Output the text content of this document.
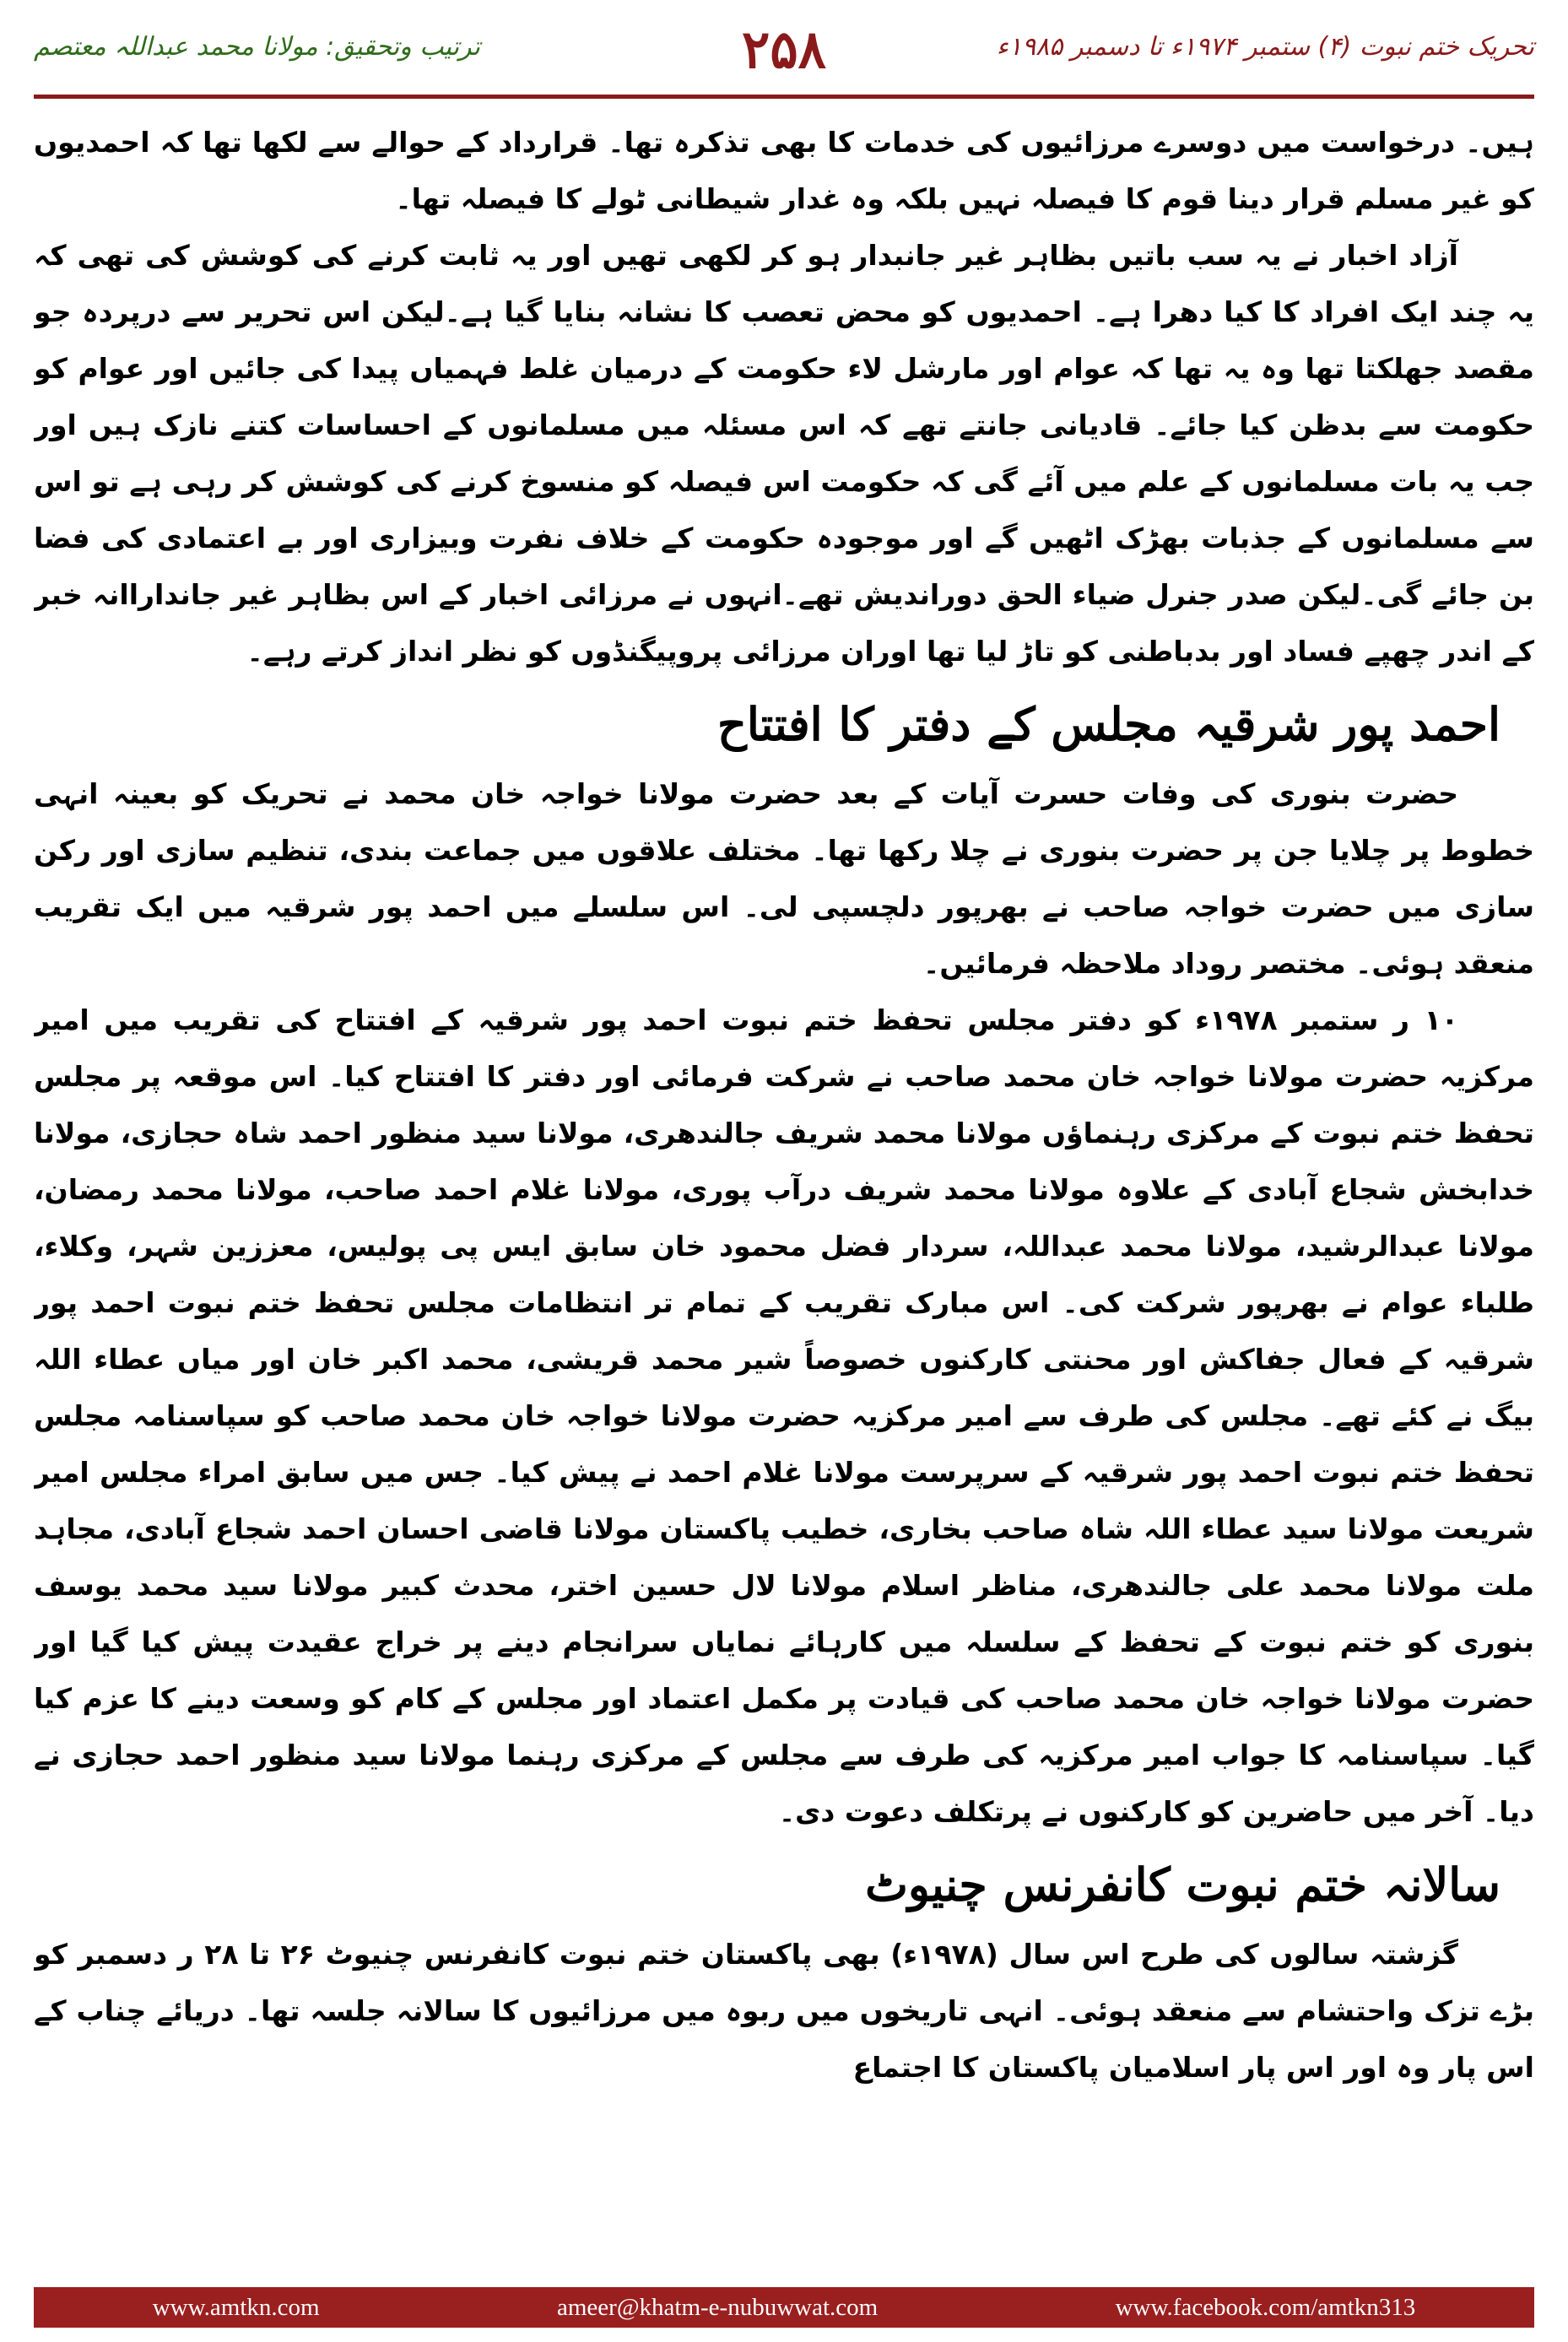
تحریک ختم نبوت (۴) ستمبر ۱۹۷۴ء تا دسمبر ۱۹۸۵ء
۲۵۸
ترتیب وتحقیق: مولانا محمد عبداللہ معتصم

ہیں۔ درخواست میں دوسرے مرزائیوں کی خدمات کا بھی تذکرہ تھا۔ قرارداد کے حوالے سے لکھا تھا کہ احمدیوں کو غیر مسلم قرار دینا قوم کا فیصلہ نہیں بلکہ وہ غدار شیطانی ٹولے کا فیصلہ تھا۔

آزاد اخبار نے یہ سب باتیں بظاہر غیر جانبدار ہو کر لکھی تھیں اور یہ ثابت کرنے کی کوشش کی تھی کہ یہ چند ایک افراد کا کیا دھرا ہے۔ احمدیوں کو محض تعصب کا نشانہ بنایا گیا ہے۔لیکن اس تحریر سے درپردہ جو مقصد جھلکتا تھا وہ یہ تھا کہ عوام اور مارشل لاء حکومت کے درمیان غلط فہمیاں پیدا کی جائیں اور عوام کو حکومت سے بدظن کیا جائے۔ قادیانی جانتے تھے کہ اس مسئلہ میں مسلمانوں کے احساسات کتنے نازک ہیں اور جب یہ بات مسلمانوں کے علم میں آئے گی کہ حکومت اس فیصلہ کو منسوخ کرنے کی کوشش کر رہی ہے تو اس سے مسلمانوں کے جذبات بھڑک اٹھیں گے اور موجودہ حکومت کے خلاف نفرت وبیزاری اور بے اعتمادی کی فضا بن جائے گی۔لیکن صدر جنرل ضیاء الحق دوراندیش تھے۔انہوں نے مرزائی اخبار کے اس بظاہر غیر جانداراانہ خبر کے اندر چھپے فساد اور بدباطنی کو تاڑ لیا تھا اوران مرزائی پروپیگنڈوں کو نظر انداز کرتے رہے۔

احمد پور شرقیہ مجلس کے دفتر کا افتتاح

حضرت بنوری کی وفات حسرت آیات کے بعد حضرت مولانا خواجہ خان محمد نے تحریک کو بعینہ انہی خطوط پر چلایا جن پر حضرت بنوری نے چلا رکھا تھا۔ مختلف علاقوں میں جماعت بندی، تنظیم سازی اور رکن سازی میں حضرت خواجہ صاحب نے بھرپور دلچسپی لی۔ اس سلسلے میں احمد پور شرقیہ میں ایک تقریب منعقد ہوئی۔ مختصر روداد ملاحظہ فرمائیں۔

۱۰ ر ستمبر ۱۹۷۸ء کو دفتر مجلس تحفظ ختم نبوت احمد پور شرقیہ کے افتتاح کی تقریب میں امیر مرکزیہ حضرت مولانا خواجہ خان محمد صاحب نے شرکت فرمائی اور دفتر کا افتتاح کیا۔ اس موقعہ پر مجلس تحفظ ختم نبوت کے مرکزی رہنماؤں مولانا محمد شریف جالندھری، مولانا سید منظور احمد شاہ حجازی، مولانا خدابخش شجاع آبادی کے علاوہ مولانا محمد شریف درآب پوری، مولانا غلام احمد صاحب، مولانا محمد رمضان، مولانا عبدالرشید، مولانا محمد عبداللہ، سردار فضل محمود خان سابق ایس پی پولیس، معززین شہر، وکلاء، طلباء عوام نے بھرپور شرکت کی۔ اس مبارک تقریب کے تمام تر انتظامات مجلس تحفظ ختم نبوت احمد پور شرقیہ کے فعال جفاکش اور محنتی کارکنوں خصوصاً شیر محمد قریشی، محمد اکبر خان اور میاں عطاء اللہ بیگ نے کئے تھے۔ مجلس کی طرف سے امیر مرکزیہ حضرت مولانا خواجہ خان محمد صاحب کو سپاسنامہ مجلس تحفظ ختم نبوت احمد پور شرقیہ کے سرپرست مولانا غلام احمد نے پیش کیا۔ جس میں سابق امراء مجلس امیر شریعت مولانا سید عطاء اللہ شاہ صاحب بخاری، خطیب پاکستان مولانا قاضی احسان احمد شجاع آبادی، مجاہد ملت مولانا محمد علی جالندھری، مناظر اسلام مولانا لال حسین اختر، محدث کبیر مولانا سید محمد یوسف بنوری کو ختم نبوت کے تحفظ کے سلسلہ میں کارہائے نمایاں سرانجام دینے پر خراج عقیدت پیش کیا گیا اور حضرت مولانا خواجہ خان محمد صاحب کی قیادت پر مکمل اعتماد اور مجلس کے کام کو وسعت دینے کا عزم کیا گیا۔ سپاسنامہ کا جواب امیر مرکزیہ کی طرف سے مجلس کے مرکزی رہنما مولانا سید منظور احمد حجازی نے دیا۔ آخر میں حاضرین کو کارکنوں نے پرتکلف دعوت دی۔

سالانہ ختم نبوت کانفرنس چنیوٹ

گزشتہ سالوں کی طرح اس سال (۱۹۷۸ء) بھی پاکستان ختم نبوت کانفرنس چنیوٹ ۲۶ تا ۲۸ ر دسمبر کو بڑے تزک واحتشام سے منعقد ہوئی۔ انہی تاریخوں میں ربوہ میں مرزائیوں کا سالانہ جلسہ تھا۔ دریائے چناب کے اس پار وہ اور اس پار اسلامیان پاکستان کا اجتماع

www.amtkn.com	ameer@khatm-e-nubuwwat.com	www.facebook.com/amtkn313
